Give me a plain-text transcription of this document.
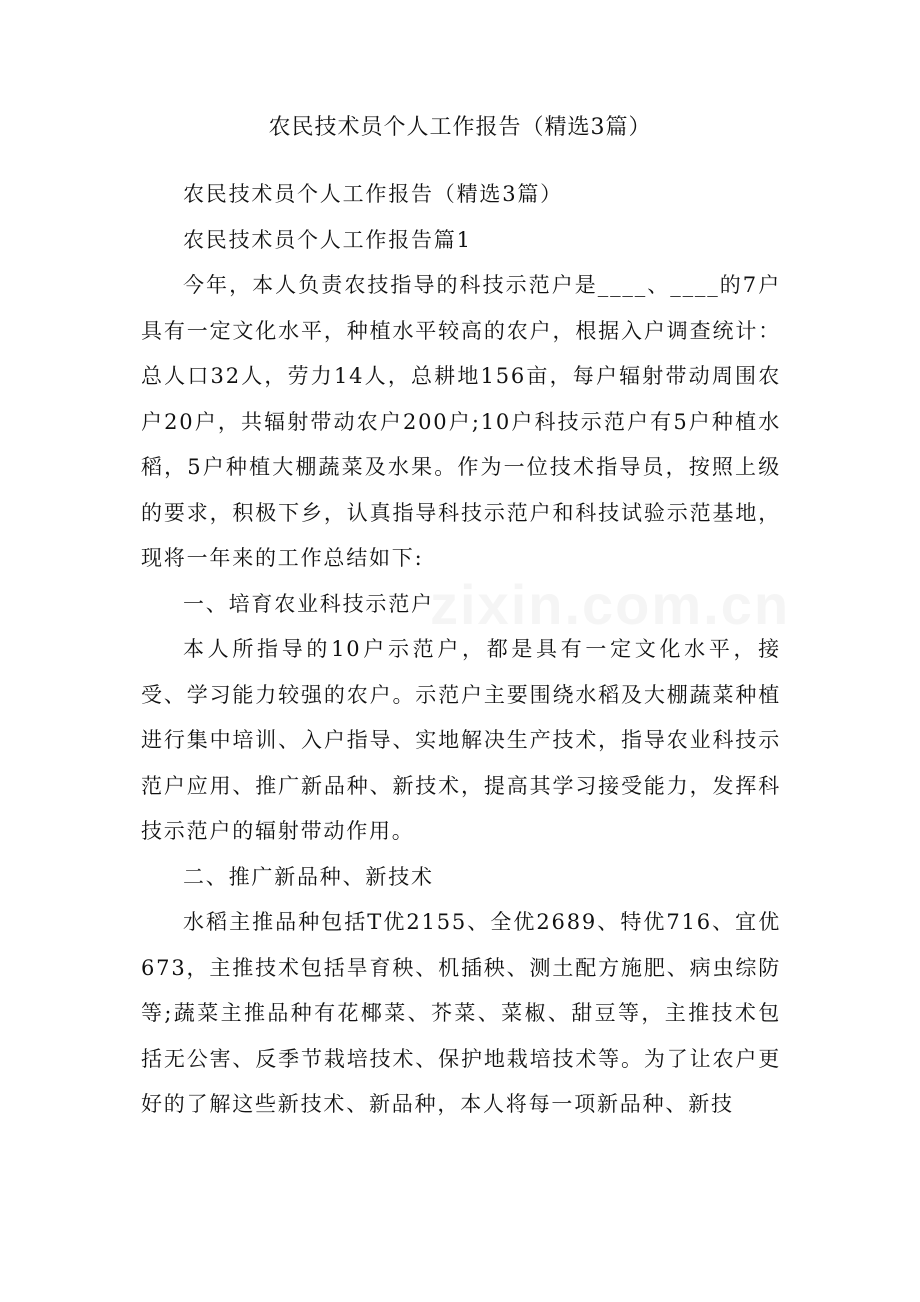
农民技术员个人工作报告（精选3篇）

农民技术员个人工作报告（精选3篇）

农民技术员个人工作报告篇1

今年，本人负责农技指导的科技示范户是____、____的7户具有一定文化水平，种植水平较高的农户，根据入户调查统计：总人口32人，劳力14人，总耕地156亩，每户辐射带动周围农户20户，共辐射带动农户200户;10户科技示范户有5户种植水稻，5户种植大棚蔬菜及水果。作为一位技术指导员，按照上级的要求，积极下乡，认真指导科技示范户和科技试验示范基地，现将一年来的工作总结如下:

一、培育农业科技示范户

本人所指导的10户示范户，都是具有一定文化水平，接受、学习能力较强的农户。示范户主要围绕水稻及大棚蔬菜种植进行集中培训、入户指导、实地解决生产技术，指导农业科技示范户应用、推广新品种、新技术，提高其学习接受能力，发挥科技示范户的辐射带动作用。

二、推广新品种、新技术

水稻主推品种包括T优2155、全优2689、特优716、宜优673，主推技术包括旱育秧、机插秧、测土配方施肥、病虫综防等;蔬菜主推品种有花椰菜、芥菜、菜椒、甜豆等，主推技术包括无公害、反季节栽培技术、保护地栽培技术等。为了让农户更好的了解这些新技术、新品种，本人将每一项新品种、新技

zixin.com.cn
